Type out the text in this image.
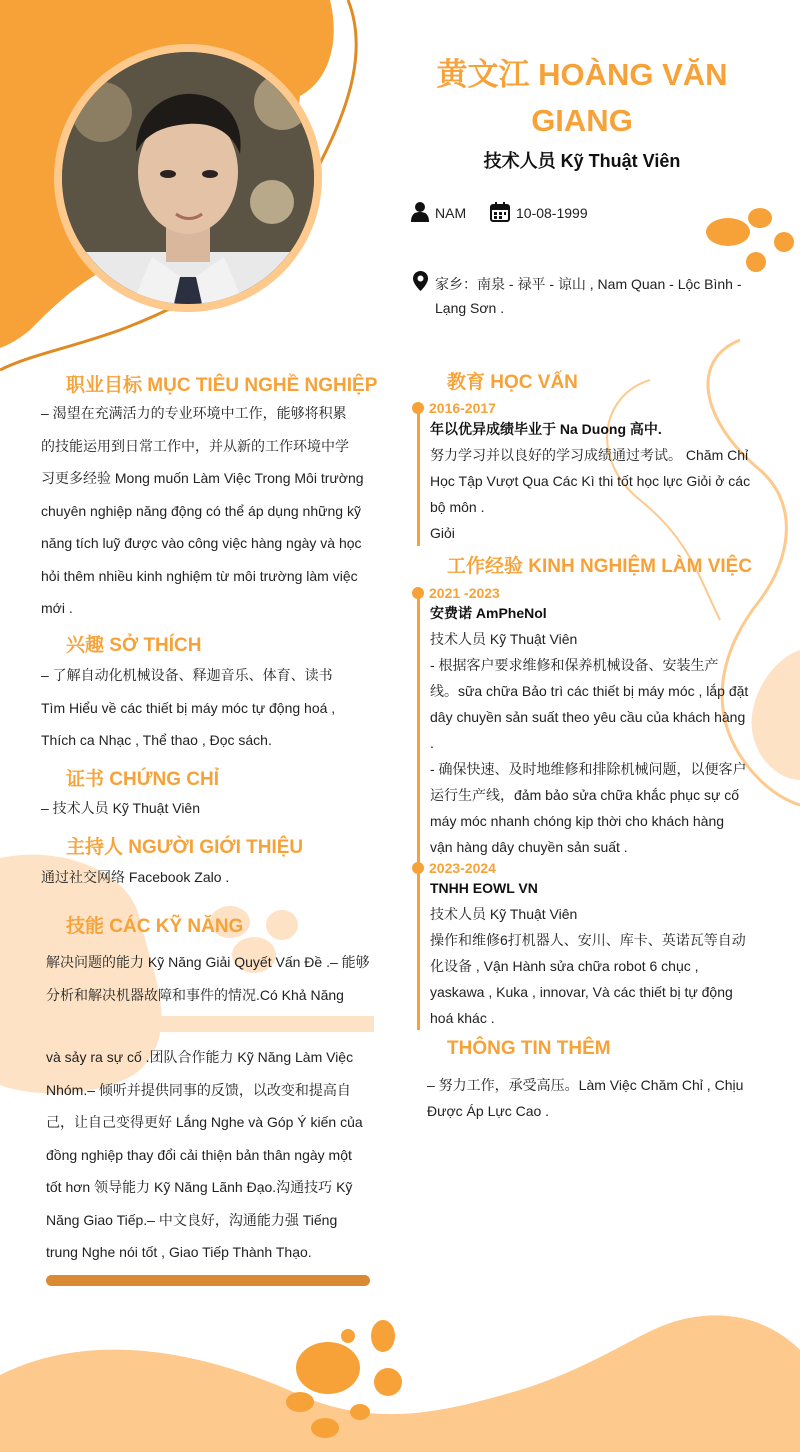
黄文江 HOÀNG VĂN GIANG
技术人员 Kỹ Thuật Viên
NAM	10-08-1999
家乡：南泉 - 禄平 - 谅山 , Nam Quan - Lộc Bình -
Lạng Sơn .
职业目标 MỤC TIÊU NGHỀ NGHIỆP

– 渴望在充满活力的专业环境中工作，能够将积累

的技能运用到日常工作中，并从新的工作环境中学

习更多经验 Mong muốn Làm Việc Trong Môi trường

chuyên nghiệp năng động có thể áp dụng những kỹ

năng tích luỹ được vào công việc hàng ngày và học

hỏi thêm nhiều kinh nghiệm từ môi trường làm việc

mới .

兴趣 SỞ THÍCH

– 了解自动化机械设备、释迦音乐、体育、读书

Tìm Hiểu về các thiết bị máy móc tự động hoá ,

Thích ca Nhạc , Thể thao , Đọc sách.

证书 CHỨNG CHỈ

– 技术人员 Kỹ Thuật Viên

主持人 NGƯỜI GIỚI THIỆU

通过社交网络 Facebook Zalo .

技能 CÁC KỸ NĂNG

解决问题的能力 Kỹ Năng Giải Quyết Vấn Đề .– 能够

分析和解决机器故障和事件的情况.Có Khả Năng

và sảy ra sự cố .团队合作能力 Kỹ Năng Làm Việc

Nhóm.– 倾听并提供同事的反馈，以改变和提高自

己，让自己变得更好 Lắng Nghe và Góp Ý kiến của

đồng nghiệp thay đổi cải thiện bản thân ngày một

tốt hơn 领导能力 Kỹ Năng Lãnh Đạo.沟通技巧 Kỹ

Năng Giao Tiếp.– 中文良好，沟通能力强 Tiếng

trung Nghe nói tốt , Giao Tiếp Thành Thạo.

教育 HỌC VẤN
2016-2017

年以优异成绩毕业于 Na Duong 高中.

努力学习并以良好的学习成绩通过考试。 Chăm Chỉ

Học Tập Vượt Qua Các Kì thi tốt học lực Giỏi ở các

bộ môn .

Giỏi

工作经验 KINH NGHIỆM LÀM VIỆC
2021 -2023

安费诺 AmPheNol

技术人员 Kỹ Thuật Viên

- 根据客户要求维修和保养机械设备、安装生产

线。sữa chữa Bảo trì các thiết bị máy móc , lắp đặt

dây chuyền sản suất theo yêu cầu của khách hàng

.

- 确保快速、及时地维修和排除机械问题，以便客户

运行生产线，đảm bảo sửa chữa khắc phục sự cố

máy móc nhanh chóng kịp thời cho khách hàng

vận hàng dây chuyền sản suất .

2023-2024

TNHH EOWL VN

技术人员 Kỹ Thuật Viên

操作和维修6打机器人、安川、库卡、英诺瓦等自动

化设备 , Vận Hành sửa chữa robot 6 chục ,

yaskawa , Kuka , innovar, Và các thiết bị tự động

hoá khác .

THÔNG TIN THÊM

– 努力工作，承受高压。Làm Việc Chăm Chỉ , Chịu

Được Áp Lực Cao .
